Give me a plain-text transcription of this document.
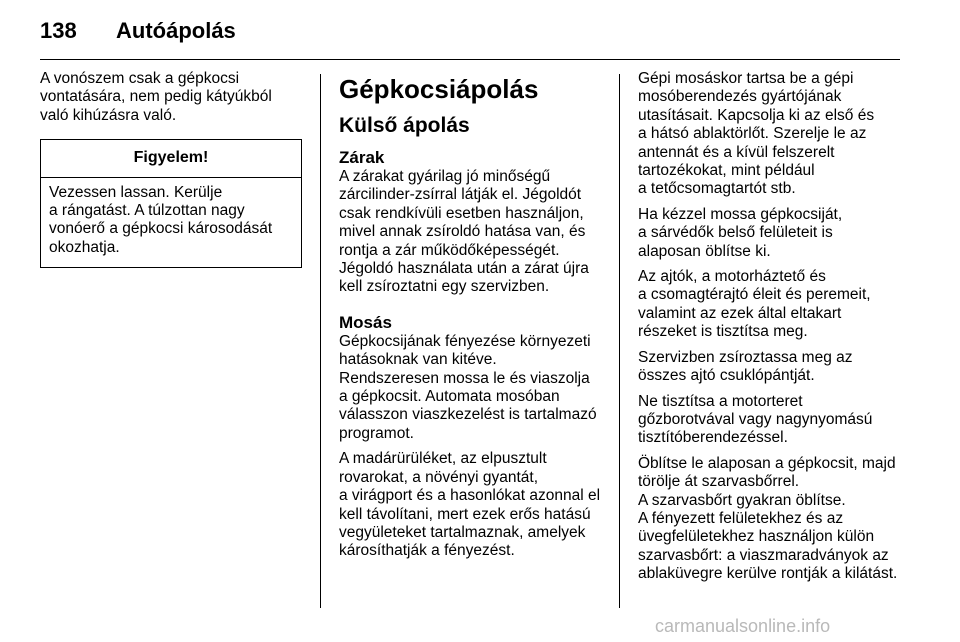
138 Autóápolás

A vonószem csak a gépkocsi
vontatására, nem pedig kátyúkból
való kihúzásra való.

Figyelem!
Vezessen lassan. Kerülje
a rángatást. A túlzottan nagy
vonóerő a gépkocsi károsodását
okozhatja.
Gépkocsiápolás
Külső ápolás
Zárak

A zárakat gyárilag jó minőségű
zárcilinder-zsírral látják el. Jégoldót
csak rendkívüli esetben használjon,
mivel annak zsíroldó hatása van, és
rontja a zár működőképességét.
Jégoldó használata után a zárat újra
kell zsíroztatni egy szervizben.

Mosás

Gépkocsijának fényezése környezeti
hatásoknak van kitéve.
Rendszeresen mossa le és viaszolja
a gépkocsit. Automata mosóban
válasszon viaszkezelést is tartalmazó
programot.

A madárürüléket, az elpusztult
rovarokat, a növényi gyantát,
a virágport és a hasonlókat azonnal el
kell távolítani, mert ezek erős hatású
vegyületeket tartalmaznak, amelyek
károsíthatják a fényezést.

Gépi mosáskor tartsa be a gépi
mosóberendezés gyártójának
utasításait. Kapcsolja ki az első és
a hátsó ablaktörlőt. Szerelje le az
antennát és a kívül felszerelt
tartozékokat, mint például
a tetőcsomagtartót stb.

Ha kézzel mossa gépkocsiját,
a sárvédők belső felületeit is
alaposan öblítse ki.

Az ajtók, a motorháztető és
a csomagtérajtó éleit és peremeit,
valamint az ezek által eltakart
részeket is tisztítsa meg.

Szervizben zsíroztassa meg az
összes ajtó csuklópántját.

Ne tisztítsa a motorteret
gőzborotvával vagy nagynyomású
tisztítóberendezéssel.

Öblítse le alaposan a gépkocsit, majd
törölje át szarvasbőrrel.
A szarvasbőrt gyakran öblítse.
A fényezett felületekhez és az
üvegfelületekhez használjon külön
szarvasbőrt: a viaszmaradványok az
ablaküvegre kerülve rontják a kilátást.

carmanualsonline.info
